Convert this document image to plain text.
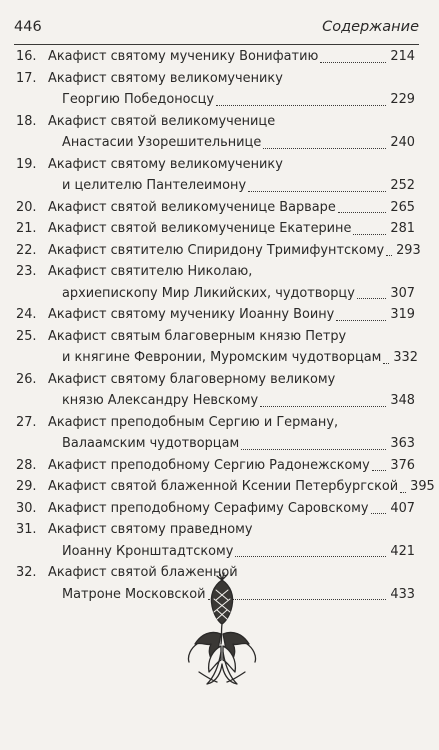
446	Содержание
16. Акафист святому мученику Вонифатию	214
17. Акафист святому великомученику
Георгию Победоносцу	229
18. Акафист святой великомученице
Анастасии Узорешительнице	240
19. Акафист святому великомученику
и целителю Пантелеимону	252
20. Акафист святой великомученице Варваре	265
21. Акафист святой великомученице Екатерине	281
22. Акафист святителю Спиридону Тримифунтскому 293
23. Акафист святителю Николаю,
архиепископу Мир Ликийских, чудотворцу	307
24. Акафист святому мученику Иоанну Воину	319
25. Акафист святым благоверным князю Петру
и княгине Февронии, Муромским чудотворцам 332
26. Акафист святому благоверному великому
князю Александру Невскому	348
27. Акафист преподобным Сергию и Герману,
Валаамским чудотворцам	363
28. Акафист преподобному Сергию Радонежскому 376
29. Акафист святой блаженной Ксении Петербургской 395
30. Акафист преподобному Серафиму Саровскому 407
31. Акафист святому праведному
Иоанну Кронштадтскому	421
32. Акафист святой блаженной
Матроне Московской	433
